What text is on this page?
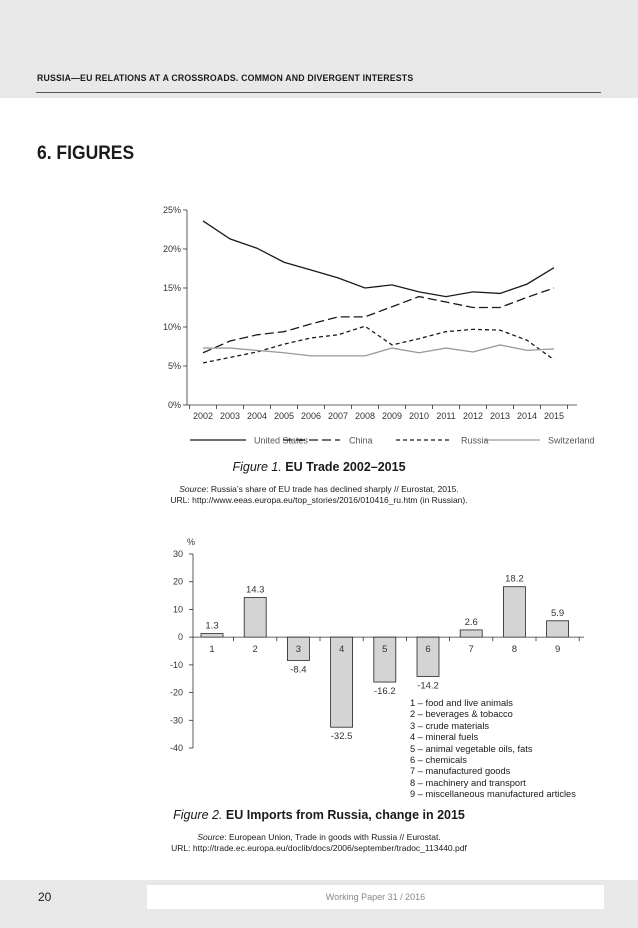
RUSSIA—EU RELATIONS AT A CROSSROADS. COMMON AND DIVERGENT INTERESTS
6. FIGURES
0%
5%
10%
15%
20%
25%
2002 2003 2004 2005 2006 2007 2008 2009 2010 2011 2012 2013 2014 2015
United States	China	Russia	Switzerland
Figure 1. EU Trade 2002–2015
Source: Russia’s share of EU trade has declined sharply // Eurostat, 2015.
URL: http://www.eeas.europa.eu/top_stories/2016/010416_ru.htm (in Russian).
%
30
20
10
0
-10
-20
-30
-40
1
1.3
2
14.3
3
-8.4
4
-32.5
5
-16.2
6
-14.2
7
2.6
8
18.2
9
5.9
1 – food and live animals
2 – beverages & tobacco
3 – crude materials
4 – mineral fuels
5 – animal vegetable oils, fats
6 – chemicals
7 – manufactured goods
8 – machinery and transport
9 – miscellaneous manufactured articles
Figure 2. EU Imports from Russia, change in 2015
Source: European Union, Trade in goods with Russia // Eurostat.
URL: http://trade.ec.europa.eu/doclib/docs/2006/september/tradoc_113440.pdf
20	Working Paper 31 / 2016
